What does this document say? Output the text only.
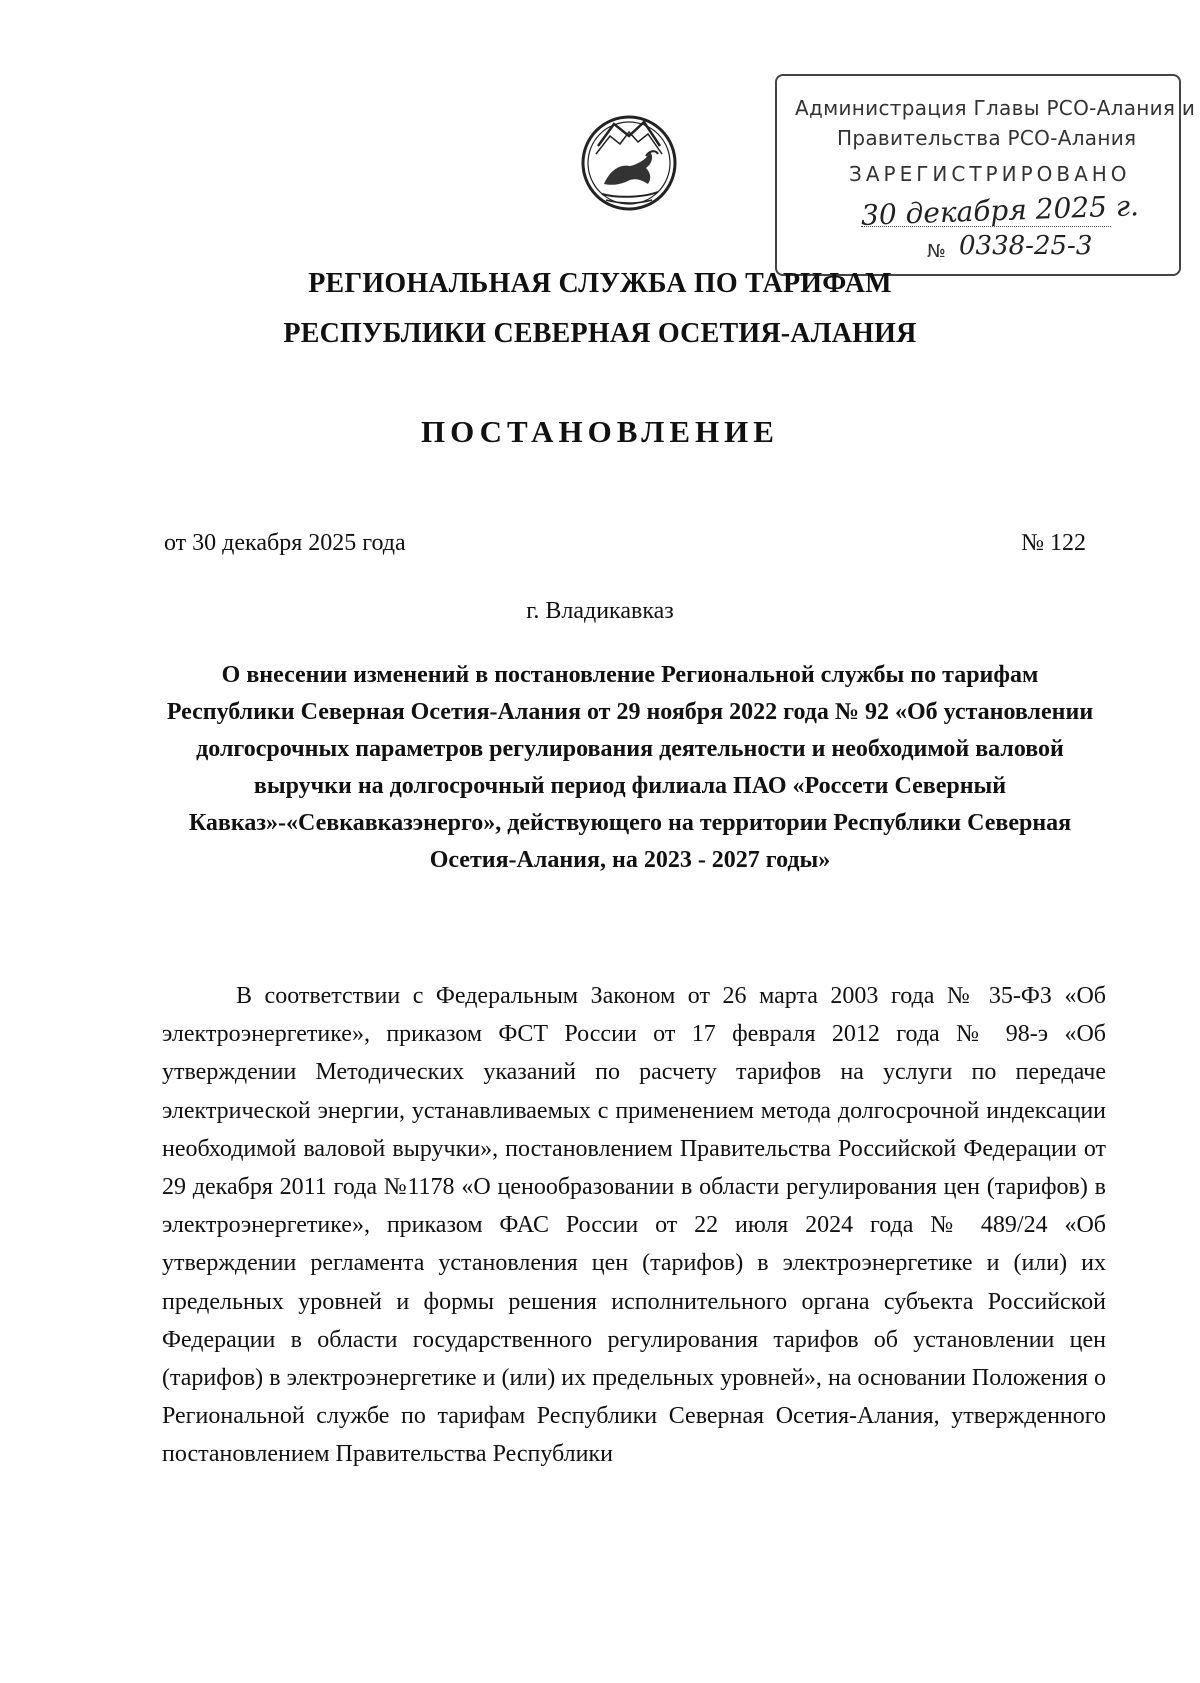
Администрация Главы РСО-Алания и
Правительства РСО-Алания
ЗАРЕГИСТРИРОВАНО
30 декабря 2025 г.
№ 0338-25-3
РЕГИОНАЛЬНАЯ СЛУЖБА ПО ТАРИФАМ
РЕСПУБЛИКИ СЕВЕРНАЯ ОСЕТИЯ-АЛАНИЯ
ПОСТАНОВЛЕНИЕ
от 30 декабря 2025 года	№ 122
г. Владикавказ
О внесении изменений в постановление Региональной службы по тарифам Республики Северная Осетия-Алания от 29 ноября 2022 года № 92 «Об установлении долгосрочных параметров регулирования деятельности и необходимой валовой выручки на долгосрочный период филиала ПАО «Россети Северный Кавказ»-«Севкавказэнерго», действующего на территории Республики Северная Осетия-Алания, на 2023 - 2027 годы»
В соответствии с Федеральным Законом от 26 марта 2003 года № 35-ФЗ «Об электроэнергетике», приказом ФСТ России от 17 февраля 2012 года № 98-э «Об утверждении Методических указаний по расчету тарифов на услуги по передаче электрической энергии, устанавливаемых с применением метода долгосрочной индексации необходимой валовой выручки», постановлением Правительства Российской Федерации от 29 декабря 2011 года №1178 «О ценообразовании в области регулирования цен (тарифов) в электроэнергетике», приказом ФАС России от 22 июля 2024 года № 489/24 «Об утверждении регламента установления цен (тарифов) в электроэнергетике и (или) их предельных уровней и формы решения исполнительного органа субъекта Российской Федерации в области государственного регулирования тарифов об установлении цен (тарифов) в электроэнергетике и (или) их предельных уровней», на основании Положения о Региональной службе по тарифам Республики Северная Осетия-Алания, утвержденного постановлением Правительства Республики
